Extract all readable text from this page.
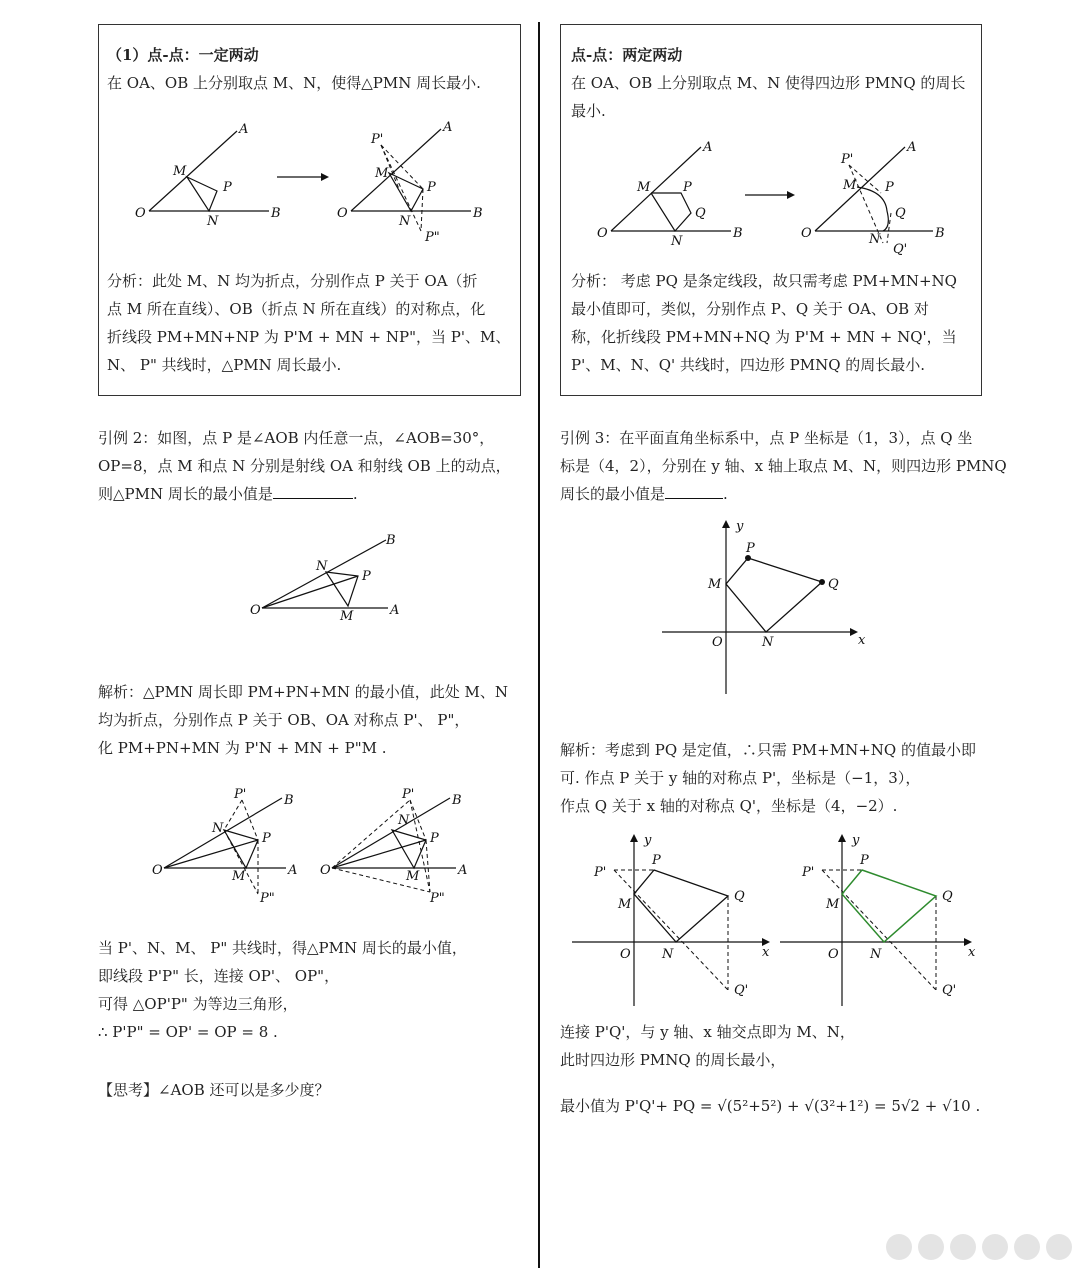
（1）点-点：一定两动
在 OA、OB 上分别取点 M、N，使得△PMN 周长最小.
O	B
A
M
P
N
O	B
A
P'
M
P
N
P"
分析：此处 M、N 均为折点，分别作点 P 关于 OA（折
点 M 所在直线）、OB（折点 N 所在直线）的对称点，化
折线段 PM+MN+NP 为 P'M + MN + NP"，当 P'、M、
N、 P" 共线时，△PMN 周长最小.
引例 2：如图，点 P 是∠AOB 内任意一点，∠AOB=30°，
OP=8，点 M 和点 N 分别是射线 OA 和射线 OB 上的动点，
则△PMN 周长的最小值是	.
O	A
B
N
P
M
解析：△PMN 周长即 PM+PN+MN 的最小值，此处 M、N
均为折点，分别作点 P 关于 OB、OA 对称点 P'、 P"，
化 PM+PN+MN 为 P'N + MN + P"M .
O	A
B
P'
N
P
M
P"
O	A
B
P'
N
P
M
P"
当 P'、N、M、 P" 共线时，得△PMN 周长的最小值，
即线段 P'P" 长，连接 OP'、 OP"，
可得 △OP'P" 为等边三角形，
∴ P'P" = OP' = OP = 8 .
【思考】∠AOB 还可以是多少度？
点-点：两定两动
在 OA、OB 上分别取点 M、N 使得四边形 PMNQ 的周长
最小.
O	B
A
M	P
Q
N
O	B
A
P'
M P
Q
N
Q'
分析： 考虑 PQ 是条定线段，故只需考虑 PM+MN+NQ
最小值即可，类似，分别作点 P、Q 关于 OA、OB 对
称，化折线段 PM+MN+NQ 为 P'M + MN + NQ'，当
P'、M、N、Q' 共线时，四边形 PMNQ 的周长最小.
引例 3：在平面直角坐标系中，点 P 坐标是（1，3），点 Q 坐
标是（4，2），分别在 y 轴、x 轴上取点 M、N，则四边形 PMNQ
周长的最小值是	.
y
x
P
Q
M
O	N
解析：考虑到 PQ 是定值，∴只需 PM+MN+NQ 的值最小即
可. 作点 P 关于 y 轴的对称点 P'，坐标是（−1，3），
作点 Q 关于 x 轴的对称点 Q'，坐标是（4，−2）.
y
x
P'
P
Q
M
O N
Q'
y
x
P'
P
Q
M
O N
Q'
连接 P'Q'，与 y 轴、x 轴交点即为 M、N，
此时四边形 PMNQ 的周长最小，
最小值为 P'Q'+ PQ = √(5²+5²) + √(3²+1²) = 5√2 + √10 .
